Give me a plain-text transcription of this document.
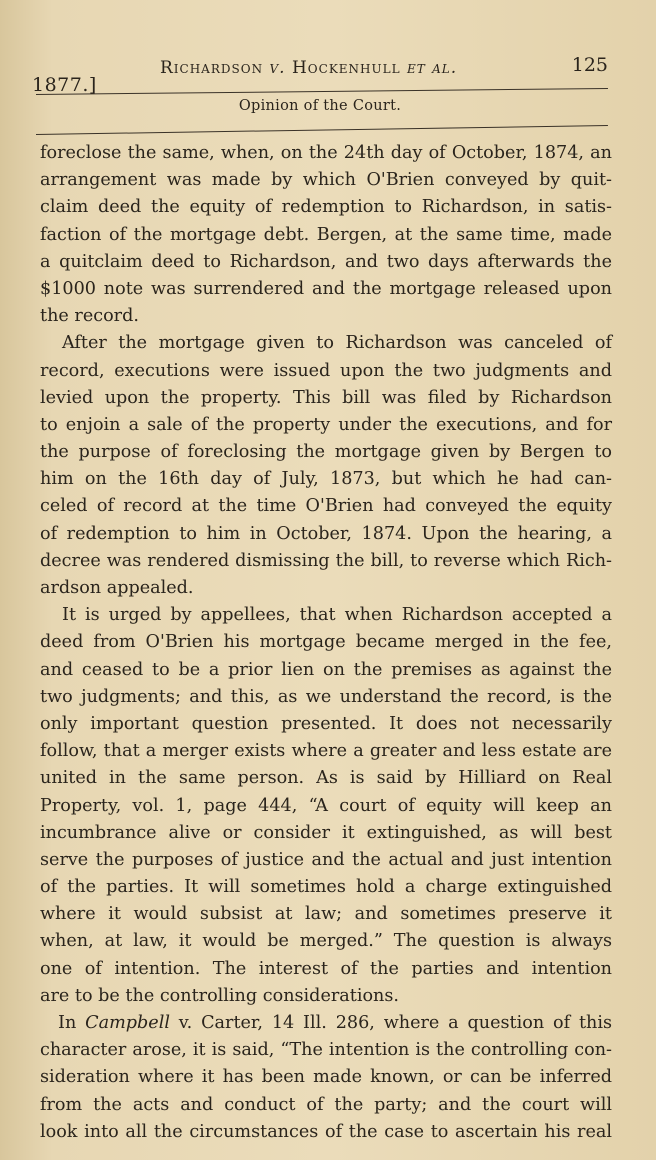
1877.]
Richardson v. Hockenhull et al.	125
Opinion of the Court.
foreclose the same, when, on the 24th day of October, 1874, an
arrangement was made by which O'Brien conveyed by quit-
claim deed the equity of redemption to Richardson, in satis-
faction of the mortgage debt. Bergen, at the same time, made
a quitclaim deed to Richardson, and two days afterwards the
$1000 note was surrendered and the mortgage released upon
the record.
After the mortgage given to Richardson was canceled of
record, executions were issued upon the two judgments and
levied upon the property. This bill was filed by Richardson
to enjoin a sale of the property under the executions, and for
the purpose of foreclosing the mortgage given by Bergen to
him on the 16th day of July, 1873, but which he had can-
celed of record at the time O'Brien had conveyed the equity
of redemption to him in October, 1874. Upon the hearing, a
decree was rendered dismissing the bill, to reverse which Rich-
ardson appealed.
It is urged by appellees, that when Richardson accepted a
deed from O'Brien his mortgage became merged in the fee,
and ceased to be a prior lien on the premises as against the
two judgments; and this, as we understand the record, is the
only important question presented. It does not necessarily
follow, that a merger exists where a greater and less estate are
united in the same person. As is said by Hilliard on Real
Property, vol. 1, page 444, “A court of equity will keep an
incumbrance alive or consider it extinguished, as will best
serve the purposes of justice and the actual and just intention
of the parties. It will sometimes hold a charge extinguished
where it would subsist at law; and sometimes preserve it
when, at law, it would be merged.” The question is always
one of intention. The interest of the parties and intention
are to be the controlling considerations.
In Campbell v. Carter, 14 Ill. 286, where a question of this
character arose, it is said, “The intention is the controlling con-
sideration where it has been made known, or can be inferred
from the acts and conduct of the party; and the court will
look into all the circumstances of the case to ascertain his real
